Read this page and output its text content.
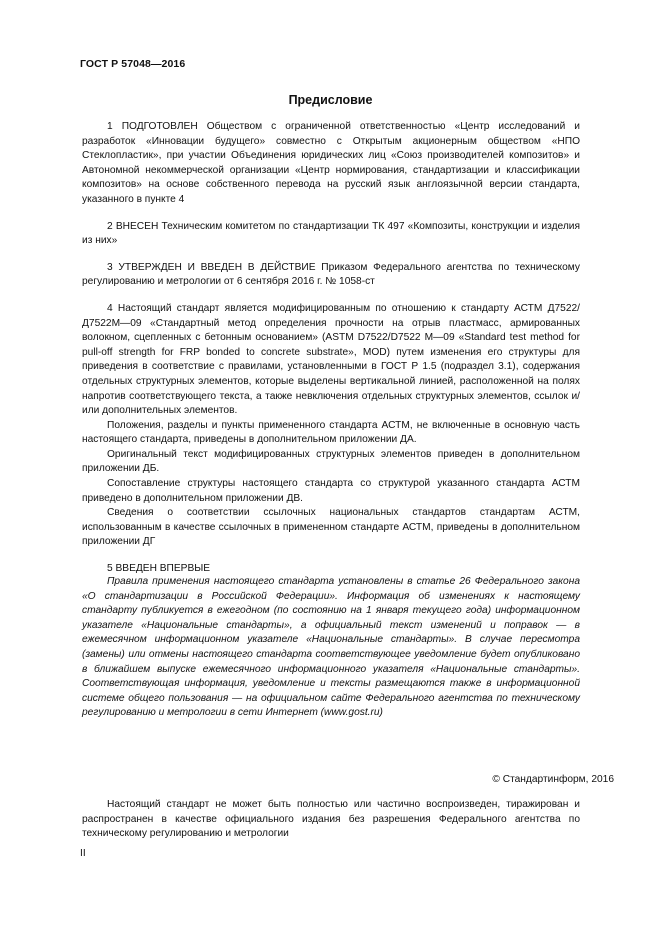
ГОСТ Р 57048—2016
Предисловие

1 ПОДГОТОВЛЕН Обществом с ограниченной ответственностью «Центр исследований и разработок «Инновации будущего» совместно с Открытым акционерным обществом «НПО Стеклопластик», при участии Объединения юридических лиц «Союз производителей композитов» и Автономной некоммерческой организации «Центр нормирования, стандартизации и классификации композитов» на основе собственного перевода на русский язык англоязычной версии стандарта, указанного в пункте 4

2 ВНЕСЕН Техническим комитетом по стандартизации ТК 497 «Композиты, конструкции и изделия из них»

3 УТВЕРЖДЕН И ВВЕДЕН В ДЕЙСТВИЕ Приказом Федерального агентства по техническому регулированию и метрологии от 6 сентября 2016 г. № 1058-ст

4 Настоящий стандарт является модифицированным по отношению к стандарту АСТМ Д7522/Д7522М—09 «Стандартный метод определения прочности на отрыв пластмасс, армированных волокном, сцепленных с бетонным основанием» (ASTM D7522/D7522 M—09 «Standard test method for pull-off strength for FRP bonded to concrete substrate», MOD) путем изменения его структуры для приведения в соответствие с правилами, установленными в ГОСТ Р 1.5 (подраздел 3.1), содержания отдельных структурных элементов, которые выделены вертикальной линией, расположенной на полях напротив соответствующего текста, а также невключения отдельных структурных элементов, ссылок и/или дополнительных элементов.

Положения, разделы и пункты примененного стандарта АСТМ, не включенные в основную часть настоящего стандарта, приведены в дополнительном приложении ДА.

Оригинальный текст модифицированных структурных элементов приведен в дополнительном приложении ДБ.

Сопоставление структуры настоящего стандарта со структурой указанного стандарта АСТМ приведено в дополнительном приложении ДВ.

Сведения о соответствии ссылочных национальных стандартов стандартам АСТМ, использованным в качестве ссылочных в примененном стандарте АСТМ, приведены в дополнительном приложении ДГ

5 ВВЕДЕН ВПЕРВЫЕ

Правила применения настоящего стандарта установлены в статье 26 Федерального закона «О стандартизации в Российской Федерации». Информация об изменениях к настоящему стандарту публикуется в ежегодном (по состоянию на 1 января текущего года) информационном указателе «Национальные стандарты», а официальный текст изменений и поправок — в ежемесячном информационном указателе «Национальные стандарты». В случае пересмотра (замены) или отмены настоящего стандарта соответствующее уведомление будет опубликовано в ближайшем выпуске ежемесячного информационного указателя «Национальные стандарты». Соответствующая информация, уведомление и тексты размещаются также в информационной системе общего пользования — на официальном сайте Федерального агентства по техническому регулированию и метрологии в сети Интернет (www.gost.ru)

© Стандартинформ, 2016

Настоящий стандарт не может быть полностью или частично воспроизведен, тиражирован и распространен в качестве официального издания без разрешения Федерального агентства по техническому регулированию и метрологии

II
